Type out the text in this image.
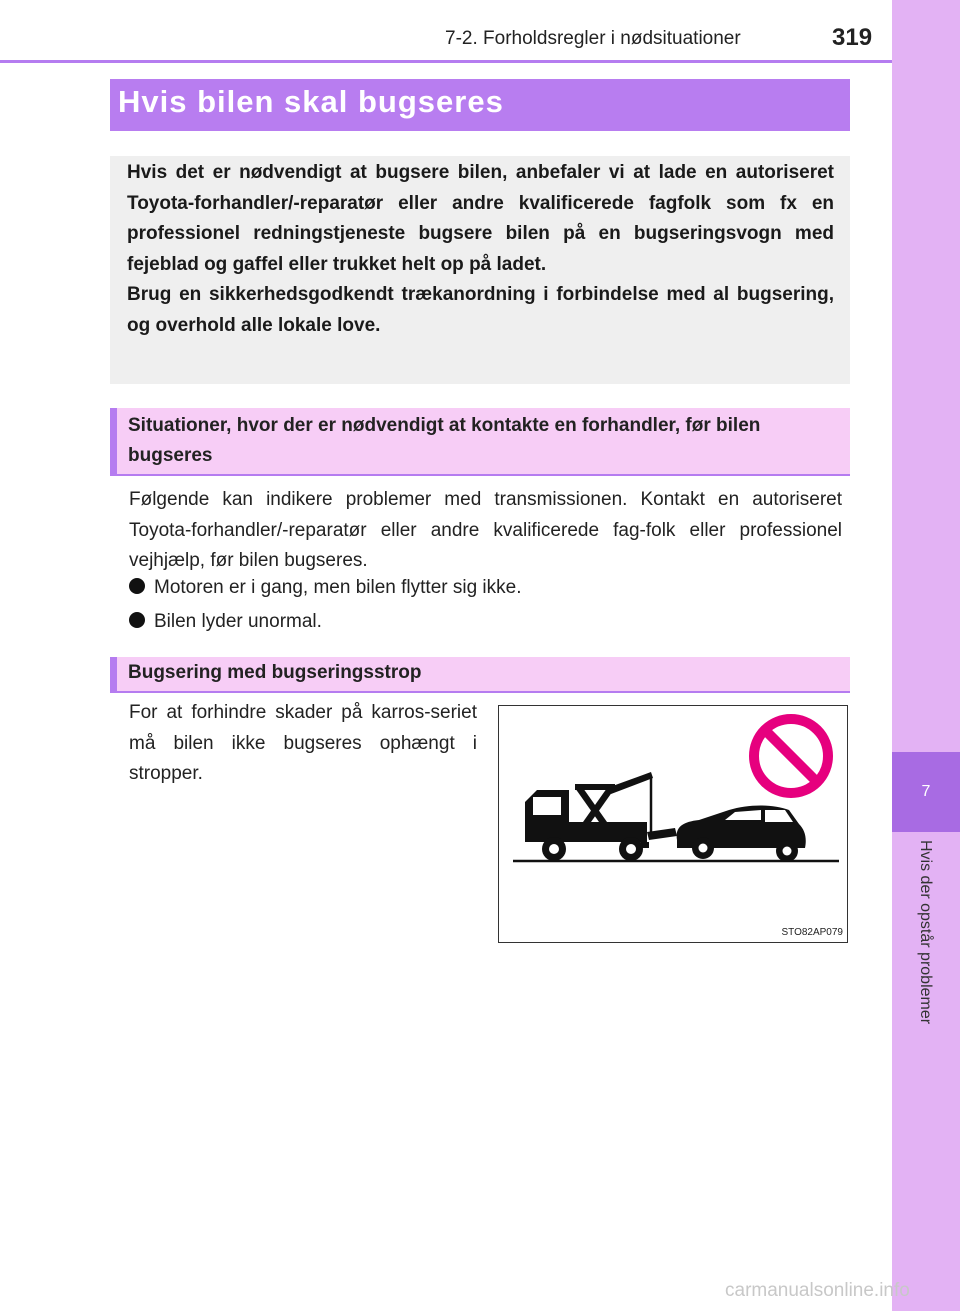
7-2. Forholdsregler i nødsituationer	319
7
Hvis der opstår problemer
Hvis bilen skal bugseres

Hvis det er nødvendigt at bugsere bilen, anbefaler vi at lade en autoriseret Toyota-forhandler/-reparatør eller andre kvalificerede fagfolk som fx en professionel redningstjeneste bugsere bilen på en bugseringsvogn med fejeblad og gaffel eller trukket helt op på ladet.

Brug en sikkerhedsgodkendt trækanordning i forbindelse med al bugsering, og overhold alle lokale love.

Situationer, hvor der er nødvendigt at kontakte en forhandler, før bilen bugseres
Følgende kan indikere problemer med transmissionen. Kontakt en autoriseret Toyota-forhandler/-reparatør eller andre kvalificerede fag-folk eller professionel vejhjælp, før bilen bugseres.
Motoren er i gang, men bilen flytter sig ikke.
Bilen lyder unormal.
Bugsering med bugseringsstrop
For at forhindre skader på karros-seriet må bilen ikke bugseres ophængt i stropper.
STO82AP079
carmanualsonline.info
